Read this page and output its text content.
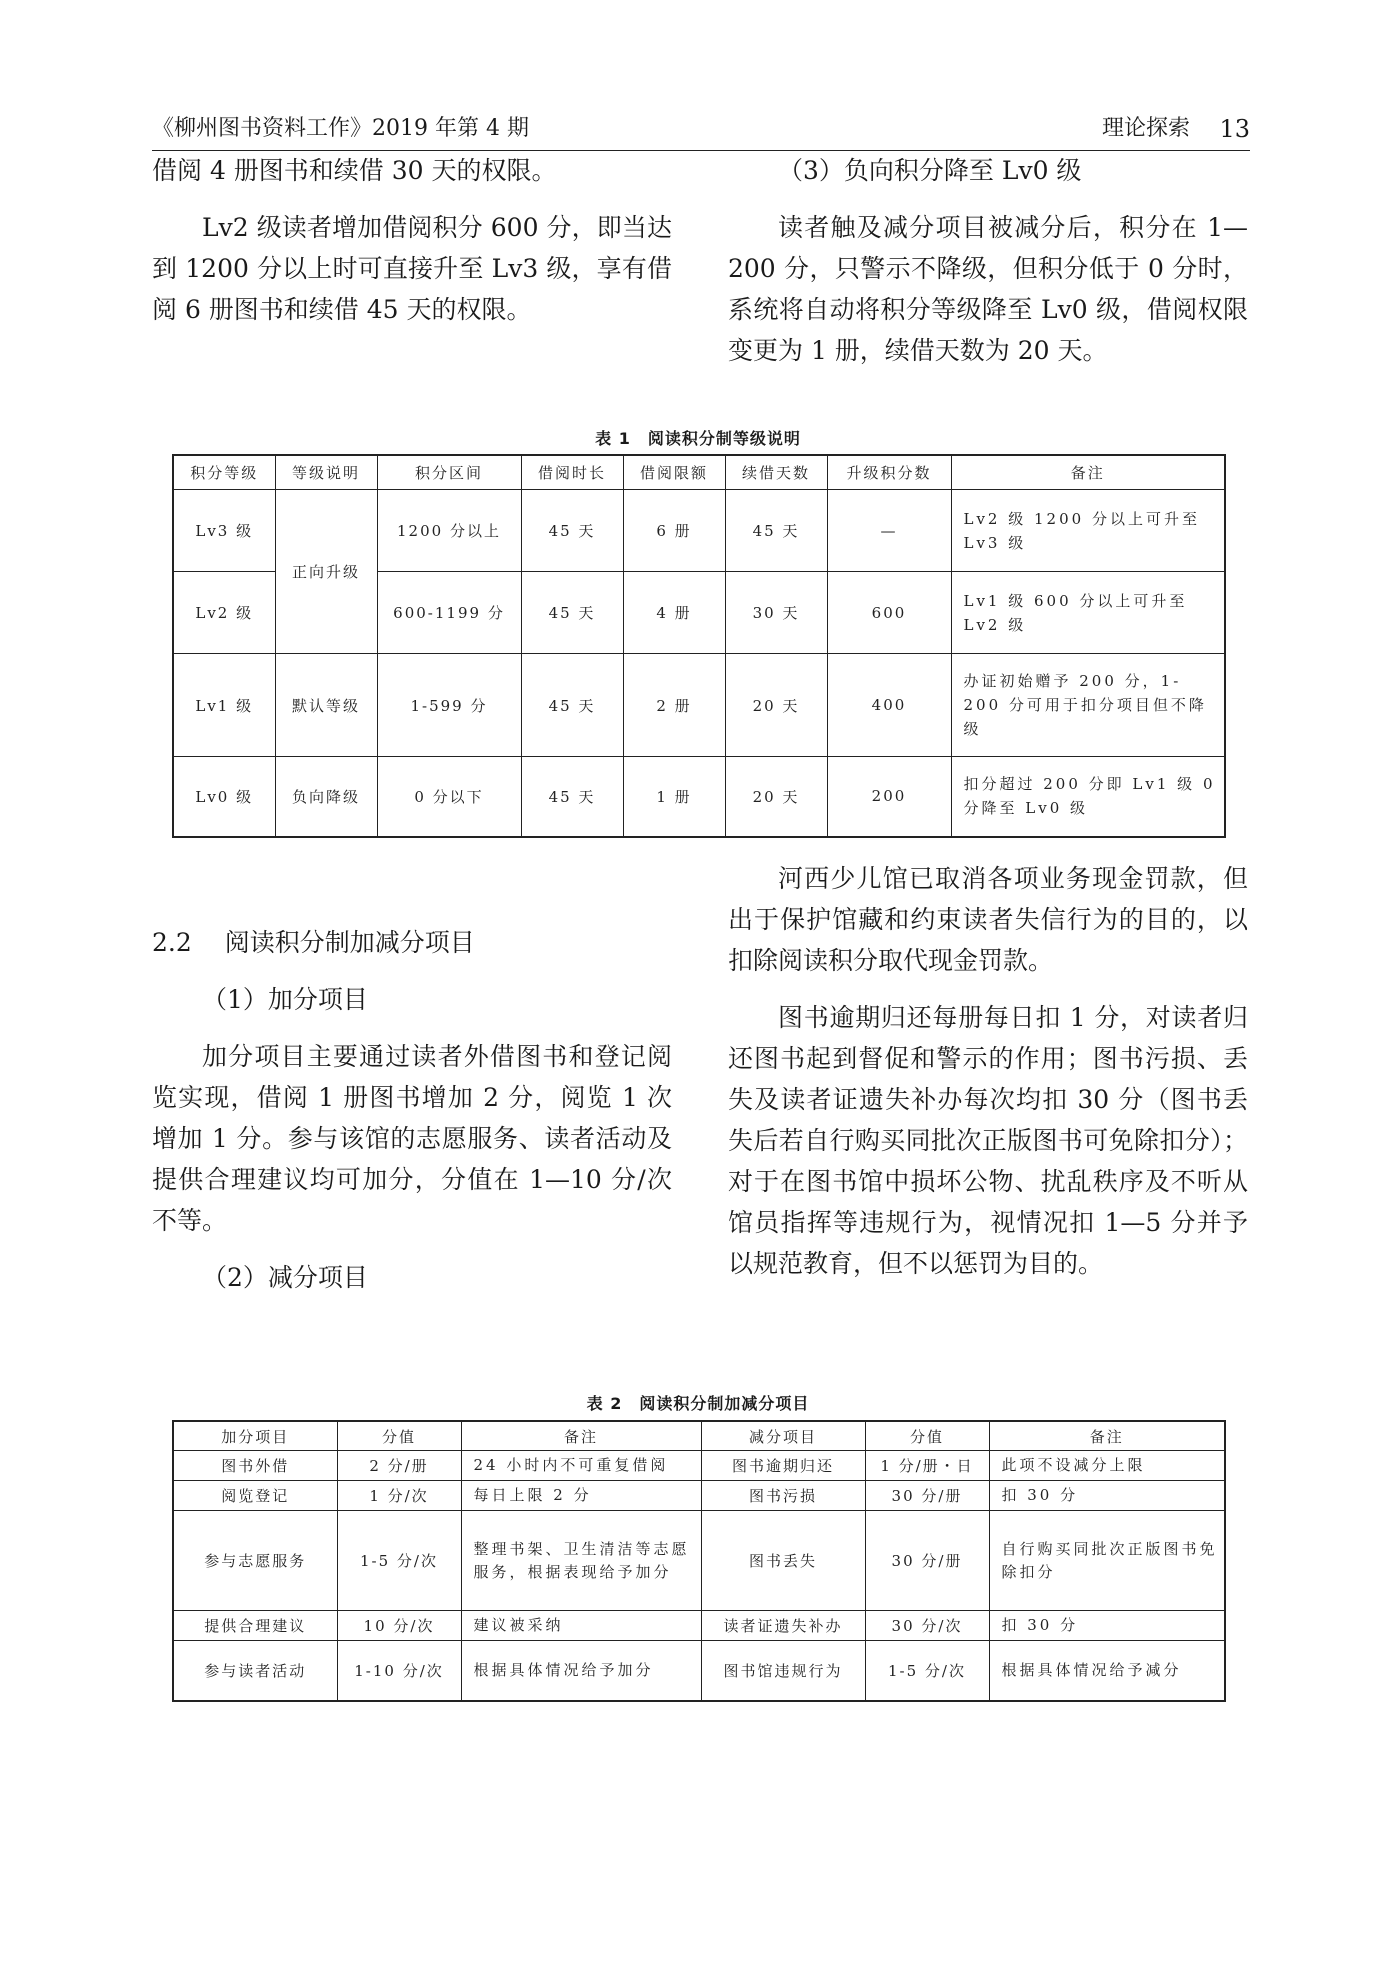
《柳州图书资料工作》2019 年第 4 期	理论探索 13

借阅 4 册图书和续借 30 天的权限。

Lv2 级读者增加借阅积分 600 分，即当达到 1200 分以上时可直接升至 Lv3 级，享有借阅 6 册图书和续借 45 天的权限。

（3）负向积分降至 Lv0 级

读者触及减分项目被减分后，积分在 1—200 分，只警示不降级，但积分低于 0 分时，系统将自动将积分等级降至 Lv0 级，借阅权限变更为 1 册，续借天数为 20 天。

表 1　阅读积分制等级说明
积分等级	等级说明	积分区间	借阅时长	借阅限额	续借天数	升级积分数	备注
Lv3 级	正向升级	1200 分以上	45 天	6 册	45 天	—	Lv2 级 1200 分以上可升至 Lv3 级
Lv2 级		600-1199 分	45 天	4 册	30 天	600	Lv1 级 600 分以上可升至 Lv2 级
Lv1 级	默认等级	1-599 分	45 天	2 册	20 天	400	办证初始赠予 200 分，1-200 分可用于扣分项目但不降级
Lv0 级	负向降级	0 分以下	45 天	1 册	20 天	200	扣分超过 200 分即 Lv1 级 0 分降至 Lv0 级

河西少儿馆已取消各项业务现金罚款，但出于保护馆藏和约束读者失信行为的目的，以扣除阅读积分取代现金罚款。

图书逾期归还每册每日扣 1 分，对读者归还图书起到督促和警示的作用；图书污损、丢失及读者证遗失补办每次均扣 30 分（图书丢失后若自行购买同批次正版图书可免除扣分）；对于在图书馆中损坏公物、扰乱秩序及不听从馆员指挥等违规行为，视情况扣 1—5 分并予以规范教育，但不以惩罚为目的。

2.2　 阅读积分制加减分项目

（1）加分项目

加分项目主要通过读者外借图书和登记阅览实现，借阅 1 册图书增加 2 分，阅览 1 次增加 1 分。参与该馆的志愿服务、读者活动及提供合理建议均可加分，分值在 1—10 分/次不等。

（2）减分项目

表 2　阅读积分制加减分项目
加分项目	分值	备注	减分项目	分值	备注
图书外借	2 分/册	24 小时内不可重复借阅	图书逾期归还	1 分/册・日	此项不设减分上限
阅览登记	1 分/次	每日上限 2 分	图书污损	30 分/册	扣 30 分
参与志愿服务	1-5 分/次	整理书架、卫生清洁等志愿服务，根据表现给予加分	图书丢失	30 分/册	自行购买同批次正版图书免除扣分
提供合理建议	10 分/次	建议被采纳	读者证遗失补办	30 分/次	扣 30 分
参与读者活动	1-10 分/次	根据具体情况给予加分	图书馆违规行为	1-5 分/次	根据具体情况给予减分
